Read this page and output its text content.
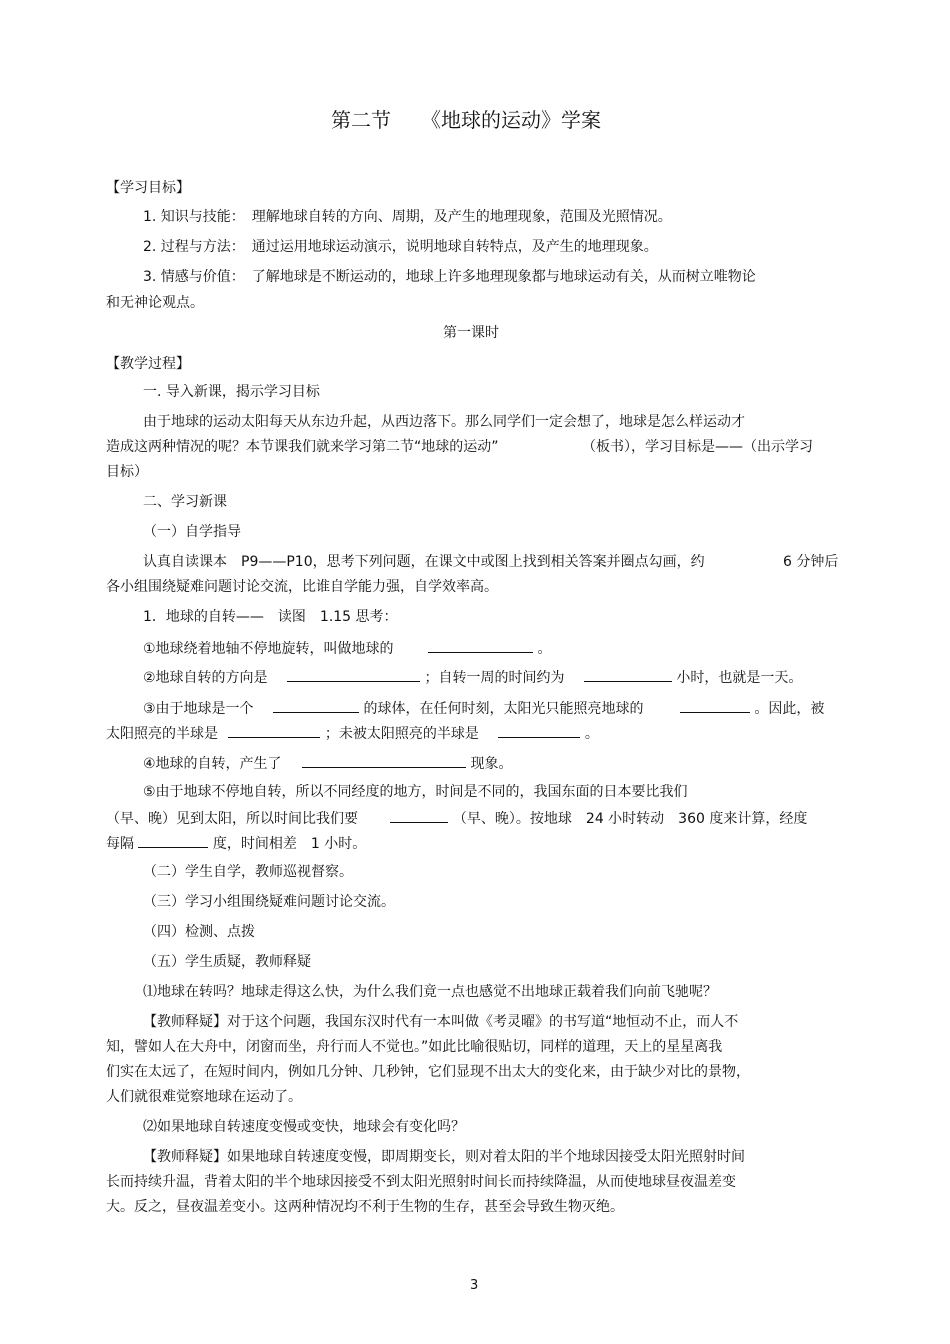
第二节　　《地球的运动》学案
【学习目标】
1. 知识与技能：　理解地球自转的方向、周期，及产生的地理现象，范围及光照情况。
2. 过程与方法：　通过运用地球运动演示，说明地球自转特点，及产生的地理现象。
3. 情感与价值：　了解地球是不断运动的，地球上许多地理现象都与地球运动有关，从而树立唯物论
和无神论观点。
第一课时
【教学过程】
一. 导入新课，揭示学习目标
由于地球的运动太阳每天从东边升起，从西边落下。那么同学们一定会想了，地球是怎么样运动才
造成这两种情况的呢？本节课我们就来学习第二节“地球的运动”	（板书），学习目标是——（出示学习
目标）
二、学习新课
（一）自学指导
认真自读课本　P9——P10，思考下列问题，在课文中或图上找到相关答案并圈点勾画，约	6 分钟后
各小组围绕疑难问题讨论交流，比谁自学能力强，自学效率高。
1．地球的自转——　读图　1.15 思考：
①地球绕着地轴不停地旋转，叫做地球的	。
②地球自转的方向是	；自转一周的时间约为	小时，也就是一天。
③由于地球是一个	的球体，在任何时刻，太阳光只能照亮地球的	。因此，被
太阳照亮的半球是	；未被太阳照亮的半球是	。
④地球的自转，产生了	现象。
⑤由于地球不停地自转，所以不同经度的地方，时间是不同的，我国东面的日本要比我们
（早、晚）见到太阳，所以时间比我们要	（早、晚）。按地球　24 小时转动　360 度来计算，经度
每隔	度，时间相差　1 小时。
（二）学生自学，教师巡视督察。
（三）学习小组围绕疑难问题讨论交流。
（四）检测、点拨
（五）学生质疑，教师释疑
⑴地球在转吗？地球走得这么快，为什么我们竟一点也感觉不出地球正载着我们向前飞驰呢？
【教师释疑】对于这个问题，我国东汉时代有一本叫做《考灵曜》的书写道“地恒动不止，而人不
知，譬如人在大舟中，闭窗而坐，舟行而人不觉也。”如此比喻很贴切，同样的道理，天上的星星离我
们实在太远了，在短时间内，例如几分钟、几秒钟，它们显现不出太大的变化来，由于缺少对比的景物，
人们就很难觉察地球在运动了。
⑵如果地球自转速度变慢或变快，地球会有变化吗？
【教师释疑】如果地球自转速度变慢，即周期变长，则对着太阳的半个地球因接受太阳光照射时间
长而持续升温，背着太阳的半个地球因接受不到太阳光照射时间长而持续降温，从而使地球昼夜温差变
大。反之，昼夜温差变小。这两种情况均不利于生物的生存，甚至会导致生物灭绝。
3
